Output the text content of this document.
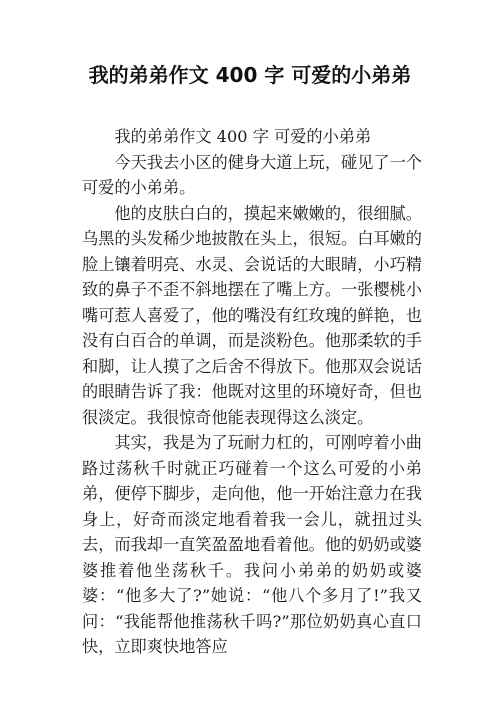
我的弟弟作文 400 字 可爱的小弟弟

我的弟弟作文 400 字 可爱的小弟弟

今天我去小区的健身大道上玩，碰见了一个可爱的小弟弟。

他的皮肤白白的，摸起来嫩嫩的，很细腻。乌黑的头发稀少地披散在头上，很短。白耳嫩的脸上镶着明亮、水灵、会说话的大眼睛，小巧精致的鼻子不歪不斜地摆在了嘴上方。一张樱桃小嘴可惹人喜爱了，他的嘴没有红玫瑰的鲜艳，也没有白百合的单调，而是淡粉色。他那柔软的手和脚，让人摸了之后舍不得放下。他那双会说话的眼睛告诉了我：他既对这里的环境好奇，但也很淡定。我很惊奇他能表现得这么淡定。

其实，我是为了玩耐力杠的，可刚哼着小曲路过荡秋千时就正巧碰着一个这么可爱的小弟弟，便停下脚步，走向他，他一开始注意力在我身上，好奇而淡定地看着我一会儿，就扭过头去，而我却一直笑盈盈地看着他。他的奶奶或婆婆推着他坐荡秋千。我问小弟弟的奶奶或婆婆：“他多大了?”她说：“他八个多月了!”我又问：“我能帮他推荡秋千吗?”那位奶奶真心直口快，立即爽快地答应
